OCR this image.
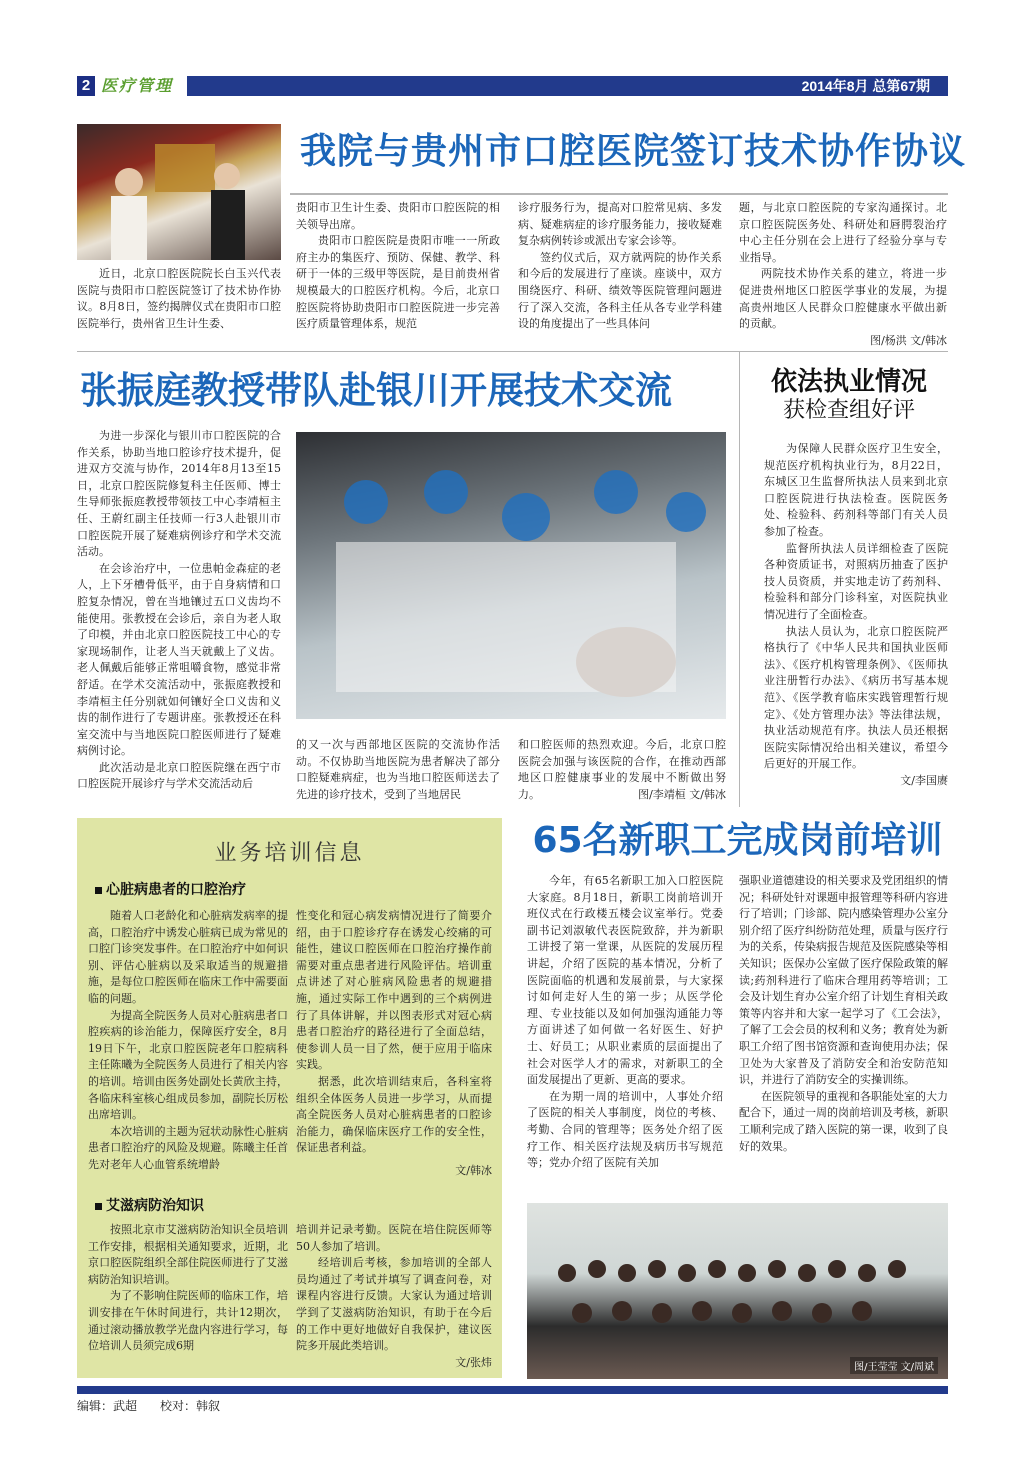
2 医疗管理	2014年8月 总第67期
我院与贵州市口腔医院签订技术协作协议

近日，北京口腔医院院长白玉兴代表医院与贵阳市口腔医院签订了技术协作协议。8月8日，签约揭牌仪式在贵阳市口腔医院举行，贵州省卫生计生委、

贵阳市卫生计生委、贵阳市口腔医院的相关领导出席。

贵阳市口腔医院是贵阳市唯一一所政府主办的集医疗、预防、保健、教学、科研于一体的三级甲等医院，是目前贵州省规模最大的口腔医疗机构。今后，北京口腔医院将协助贵阳市口腔医院进一步完善医疗质量管理体系，规范

诊疗服务行为，提高对口腔常见病、多发病、疑难病症的诊疗服务能力，接收疑难复杂病例转诊或派出专家会诊等。

签约仪式后，双方就两院的协作关系和今后的发展进行了座谈。座谈中，双方围绕医疗、科研、绩效等医院管理问题进行了深入交流，各科主任从各专业学科建设的角度提出了一些具体问

题，与北京口腔医院的专家沟通探讨。北京口腔医院医务处、科研处和唇腭裂治疗中心主任分别在会上进行了经验分享与专业指导。

两院技术协作关系的建立，将进一步促进贵州地区口腔医学事业的发展，为提高贵州地区人民群众口腔健康水平做出新的贡献。

图/杨洪 文/韩冰

张振庭教授带队赴银川开展技术交流

为进一步深化与银川市口腔医院的合作关系，协助当地口腔诊疗技术提升，促进双方交流与协作，2014年8月13至15日，北京口腔医院修复科主任医师、博士生导师张振庭教授带领技工中心李靖桓主任、王蔚红副主任技师一行3人赴银川市口腔医院开展了疑难病例诊疗和学术交流活动。

在会诊治疗中，一位患帕金森症的老人，上下牙槽骨低平，由于自身病情和口腔复杂情况，曾在当地镶过五口义齿均不能使用。张教授在会诊后，亲自为老人取了印模，并由北京口腔医院技工中心的专家现场制作，让老人当天就戴上了义齿。老人佩戴后能够正常咀嚼食物，感觉非常舒适。在学术交流活动中，张振庭教授和李靖桓主任分别就如何镶好全口义齿和义齿的制作进行了专题讲座。张教授还在科室交流中与当地医院口腔医师进行了疑难病例讨论。

此次活动是北京口腔医院继在西宁市口腔医院开展诊疗与学术交流活动后

的又一次与西部地区医院的交流协作活动。不仅协助当地医院为患者解决了部分口腔疑难病症，也为当地口腔医师送去了先进的诊疗技术，受到了当地居民

和口腔医师的热烈欢迎。今后，北京口腔医院会加强与该医院的合作，在推动西部地区口腔健康事业的发展中不断做出努力。	图/李靖桓 文/韩冰

依法执业情况
获检查组好评

为保障人民群众医疗卫生安全，规范医疗机构执业行为，8月22日，东城区卫生监督所执法人员来到北京口腔医院进行执法检查。医院医务处、检验科、药剂科等部门有关人员参加了检查。

监督所执法人员详细检查了医院各种资质证书，对照病历抽查了医护技人员资质，并实地走访了药剂科、检验科和部分门诊科室，对医院执业情况进行了全面检查。

执法人员认为，北京口腔医院严格执行了《中华人民共和国执业医师法》、《医疗机构管理条例》、《医师执业注册暂行办法》、《病历书写基本规范》、《医学教育临床实践管理暂行规定》、《处方管理办法》等法律法规，执业活动规范有序。执法人员还根据医院实际情况给出相关建议，希望今后更好的开展工作。

文/李国赓

业务培训信息
心脏病患者的口腔治疗

随着人口老龄化和心脏病发病率的提高，口腔治疗中诱发心脏病已成为常见的口腔门诊突发事件。在口腔治疗中如何识别、评估心脏病以及采取适当的规避措施，是每位口腔医师在临床工作中需要面临的问题。

为提高全院医务人员对心脏病患者口腔疾病的诊治能力，保障医疗安全，8月19日下午，北京口腔医院老年口腔病科主任陈曦为全院医务人员进行了相关内容的培训。培训由医务处副处长黄欣主持，各临床科室核心组成员参加，副院长厉松出席培训。

本次培训的主题为冠状动脉性心脏病患者口腔治疗的风险及规避。陈曦主任首先对老年人心血管系统增龄

性变化和冠心病发病情况进行了简要介绍，由于口腔诊疗存在诱发心绞痛的可能性，建议口腔医师在口腔治疗操作前需要对重点患者进行风险评估。培训重点讲述了对心脏病风险患者的规避措施，通过实际工作中遇到的三个病例进行了具体讲解，并以图表形式对冠心病患者口腔治疗的路径进行了全面总结，使参训人员一目了然，便于应用于临床实践。

据悉，此次培训结束后，各科室将组织全体医务人员进一步学习，从而提高全院医务人员对心脏病患者的口腔诊治能力，确保临床医疗工作的安全性，保证患者利益。

文/韩冰

艾滋病防治知识

按照北京市艾滋病防治知识全员培训工作安排，根据相关通知要求，近期，北京口腔医院组织全部住院医师进行了艾滋病防治知识培训。

为了不影响住院医师的临床工作，培训安排在午休时间进行，共计12期次，通过滚动播放教学光盘内容进行学习，每位培训人员须完成6期

培训并记录考勤。医院在培住院医师等50人参加了培训。

经培训后考核，参加培训的全部人员均通过了考试并填写了调查问卷，对课程内容进行反馈。大家认为通过培训学到了艾滋病防治知识，有助于在今后的工作中更好地做好自我保护，建议医院多开展此类培训。

文/张炜

65名新职工完成岗前培训

今年，有65名新职工加入口腔医院大家庭。8月18日，新职工岗前培训开班仪式在行政楼五楼会议室举行。党委副书记刘淑敏代表医院致辞，并为新职工讲授了第一堂课，从医院的发展历程讲起，介绍了医院的基本情况，分析了医院面临的机遇和发展前景，与大家探讨如何走好人生的第一步；从医学伦理、专业技能以及如何加强沟通能力等方面讲述了如何做一名好医生、好护士、好员工；从职业素质的层面提出了社会对医学人才的需求，对新职工的全面发展提出了更新、更高的要求。

在为期一周的培训中，人事处介绍了医院的相关人事制度，岗位的考核、考勤、合同的管理等；医务处介绍了医疗工作、相关医疗法规及病历书写规范等；党办介绍了医院有关加

强职业道德建设的相关要求及党团组织的情况；科研处针对课题申报管理等科研内容进行了培训；门诊部、院内感染管理办公室分别介绍了医疗纠纷防范处理，质量与医疗行为的关系，传染病报告规范及医院感染等相关知识；医保办公室做了医疗保险政策的解读;药剂科进行了临床合理用药等培训；工会及计划生育办公室介绍了计划生育相关政策等内容并和大家一起学习了《工会法》，了解了工会会员的权利和义务；教育处为新职工介绍了图书馆资源和查询使用办法；保卫处为大家普及了消防安全和治安防范知识，并进行了消防安全的实操训练。

在医院领导的重视和各职能处室的大力配合下，通过一周的岗前培训及考核，新职工顺利完成了踏入医院的第一课，收到了良好的效果。

图/王莹莹 文/周斌
编辑：武超	校对：韩叙
